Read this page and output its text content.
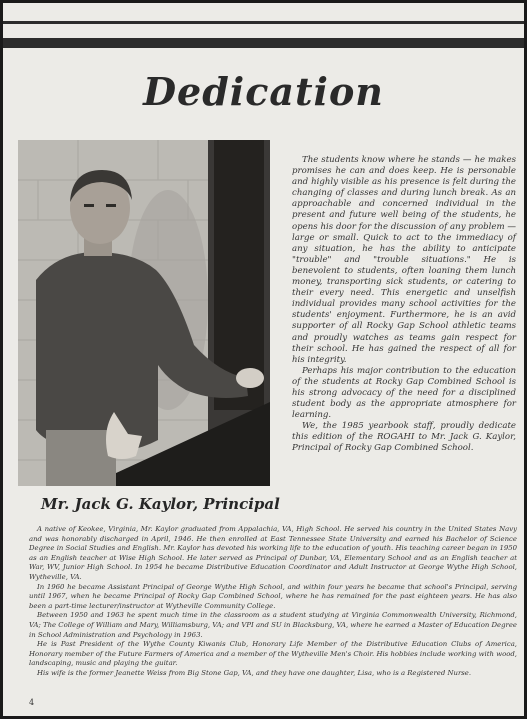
Dedication
Mr. Jack G. Kaylor, Principal

The students know where he stands — he makes promises he can and does keep. He is personable and highly visible as his presence is felt during the changing of classes and during lunch break. As an approachable and concerned individual in the present and future well being of the students, he opens his door for the discussion of any problem — large or small. Quick to act to the immediacy of any situation, he has the ability to anticipate "trouble" and "trouble situations." He is benevolent to students, often loaning them lunch money, transporting sick students, or catering to their every need. This energetic and unselfish individual provides many school activities for the students' enjoyment. Furthermore, he is an avid supporter of all Rocky Gap School athletic teams and proudly watches as teams gain respect for their school. He has gained the respect of all for his integrity.

Perhaps his major contribution to the education of the students at Rocky Gap Combined School is his strong advocacy of the need for a disciplined student body as the appropriate atmosphere for learning.

We, the 1985 yearbook staff, proudly dedicate this edition of the ROGAHI to Mr. Jack G. Kaylor, Principal of Rocky Gap Combined School.

A native of Keokee, Virginia, Mr. Kaylor graduated from Appalachia, VA, High School. He served his country in the United States Navy and was honorably discharged in April, 1946. He then enrolled at East Tennessee State University and earned his Bachelor of Science Degree in Social Studies and English. Mr. Kaylor has devoted his working life to the education of youth. His teaching career began in 1950 as an English teacher at Wise High School. He later served as Principal of Dunbar, VA, Elementary School and as an English teacher at War, WV, Junior High School. In 1954 he became Distributive Education Coordinator and Adult Instructor at George Wythe High School, Wytheville, VA.

In 1960 he became Assistant Principal of George Wythe High School, and within four years he became that school's Principal, serving until 1967, when he became Principal of Rocky Gap Combined School, where he has remained for the past eighteen years. He has also been a part-time lecturer/instructor at Wytheville Community College.

Between 1950 and 1963 he spent much time in the classroom as a student studying at Virginia Commonwealth University, Richmond, VA; The College of William and Mary, Williamsburg, VA; and VPI and SU in Blacksburg, VA, where he earned a Master of Education Degree in School Administration and Psychology in 1963.

He is Past President of the Wythe County Kiwanis Club, Honorary Life Member of the Distributive Education Clubs of America, Honorary member of the Future Farmers of America and a member of the Wytheville Men's Choir. His hobbies include working with wood, landscaping, music and playing the guitar.

His wife is the former Jeanette Weiss from Big Stone Gap, VA, and they have one daughter, Lisa, who is a Registered Nurse.

4
